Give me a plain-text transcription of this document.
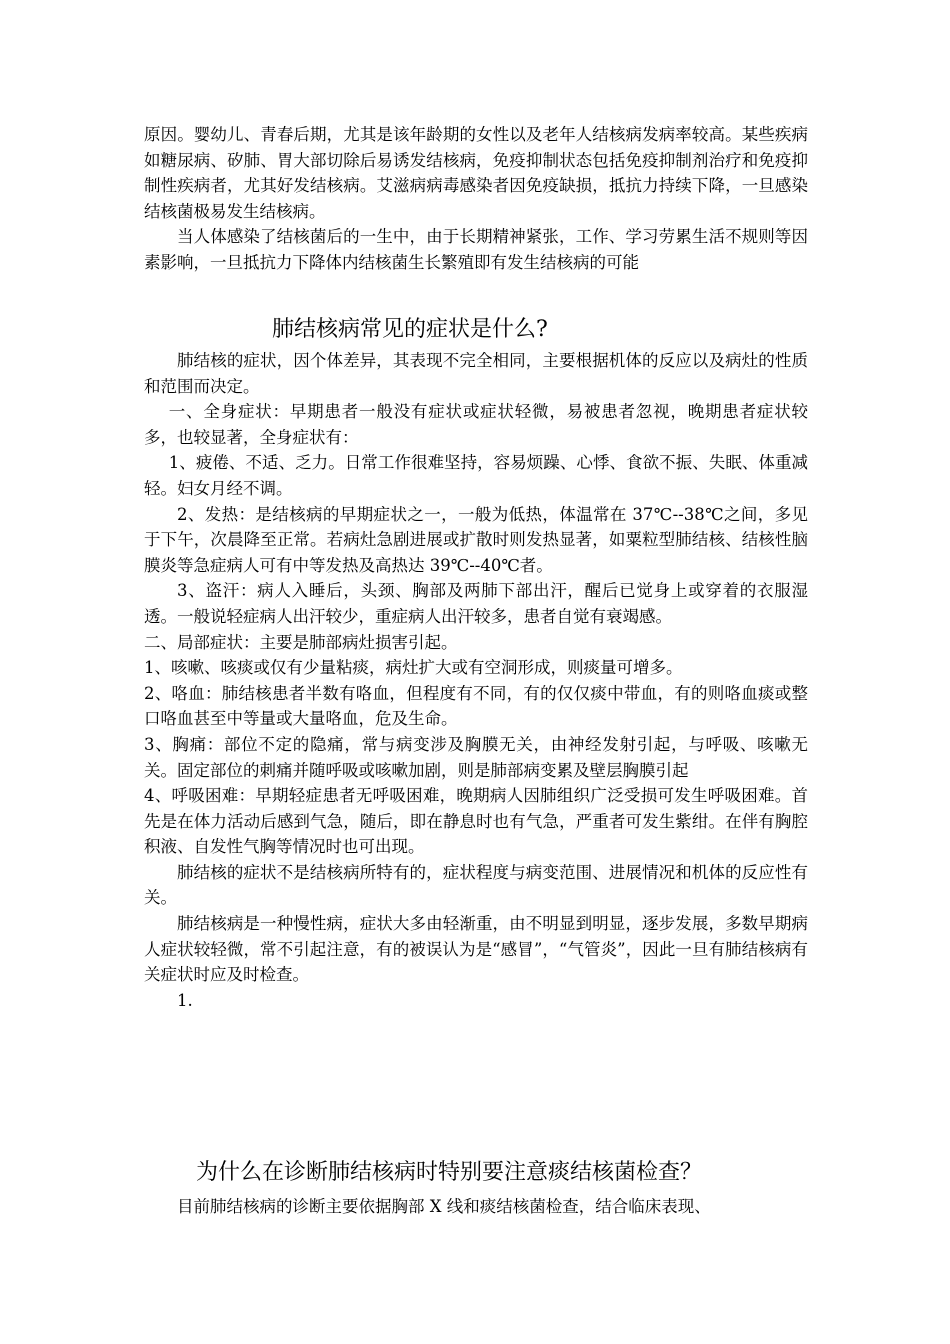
原因。婴幼儿、青春后期，尤其是该年龄期的女性以及老年人结核病发病率较高。某些疾病如糖尿病、矽肺、胃大部切除后易诱发结核病，免疫抑制状态包括免疫抑制剂治疗和免疫抑制性疾病者，尤其好发结核病。艾滋病病毒感染者因免疫缺损，抵抗力持续下降，一旦感染结核菌极易发生结核病。

当人体感染了结核菌后的一生中，由于长期精神紧张，工作、学习劳累生活不规则等因素影响，一旦抵抗力下降体内结核菌生长繁殖即有发生结核病的可能

肺结核病常见的症状是什么?

肺结核的症状，因个体差异，其表现不完全相同，主要根据机体的反应以及病灶的性质和范围而决定。

一、全身症状：早期患者一般没有症状或症状轻微，易被患者忽视，晚期患者症状较多，也较显著，全身症状有：

1、疲倦、不适、乏力。日常工作很难坚持，容易烦躁、心悸、食欲不振、失眠、体重减轻。妇女月经不调。

2、发热：是结核病的早期症状之一，一般为低热，体温常在 37℃--38℃之间，多见于下午，次晨降至正常。若病灶急剧进展或扩散时则发热显著，如粟粒型肺结核、结核性脑膜炎等急症病人可有中等发热及高热达 39℃--40℃者。

3、盗汗：病人入睡后，头颈、胸部及两肺下部出汗，醒后已觉身上或穿着的衣服湿透。一般说轻症病人出汗较少，重症病人出汗较多，患者自觉有衰竭感。

二、局部症状：主要是肺部病灶损害引起。

1、咳嗽、咳痰或仅有少量粘痰，病灶扩大或有空洞形成，则痰量可增多。

2、咯血：肺结核患者半数有咯血，但程度有不同，有的仅仅痰中带血，有的则咯血痰或整口咯血甚至中等量或大量咯血，危及生命。

3、胸痛：部位不定的隐痛，常与病变涉及胸膜无关，由神经发射引起，与呼吸、咳嗽无关。固定部位的刺痛并随呼吸或咳嗽加剧，则是肺部病变累及壁层胸膜引起

4、呼吸困难：早期轻症患者无呼吸困难，晚期病人因肺组织广泛受损可发生呼吸困难。首先是在体力活动后感到气急，随后，即在静息时也有气急，严重者可发生紫绀。在伴有胸腔积液、自发性气胸等情况时也可出现。

肺结核的症状不是结核病所特有的，症状程度与病变范围、进展情况和机体的反应性有关。

肺结核病是一种慢性病，症状大多由轻渐重，由不明显到明显，逐步发展，多数早期病人症状较轻微，常不引起注意，有的被误认为是“感冒”，“气管炎”，因此一旦有肺结核病有关症状时应及时检查。

1.

为什么在诊断肺结核病时特别要注意痰结核菌检查？

目前肺结核病的诊断主要依据胸部 X 线和痰结核菌检查，结合临床表现、
